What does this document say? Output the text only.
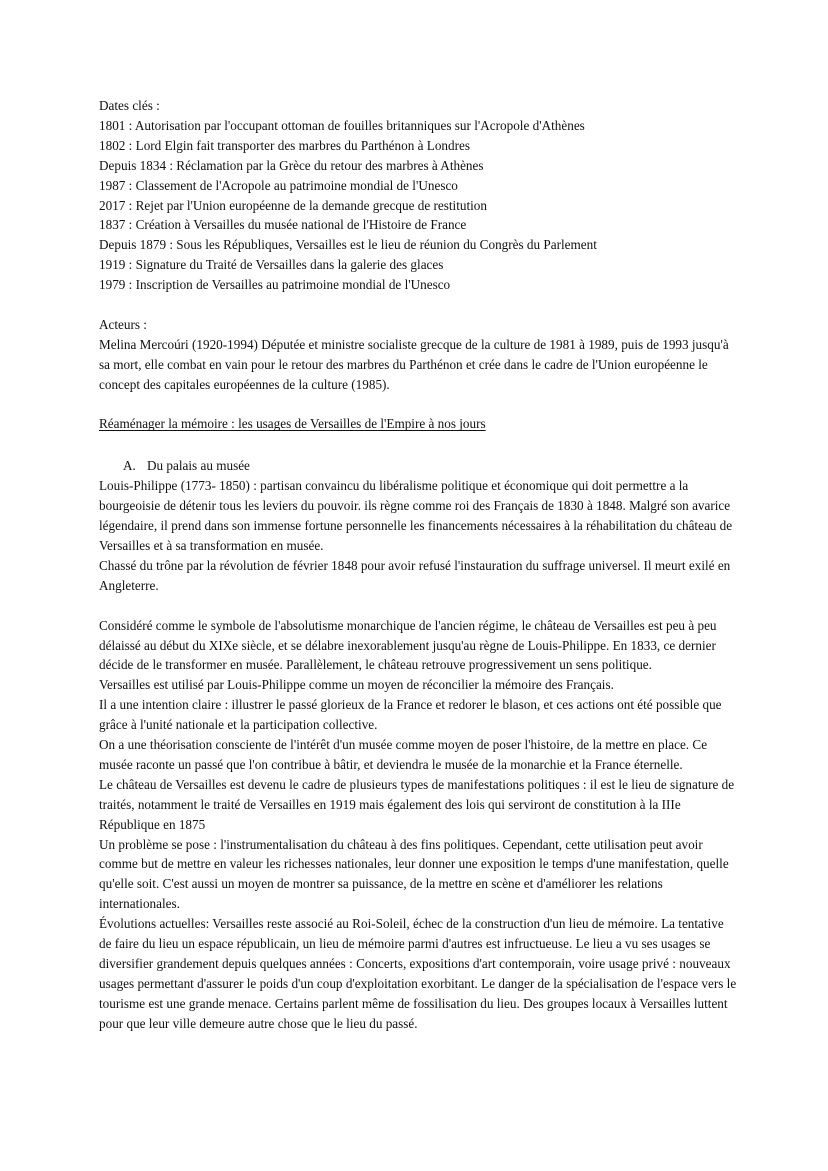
Dates clés :

1801 : Autorisation par l'occupant ottoman de fouilles britanniques sur l'Acropole d'Athènes

1802 : Lord Elgin fait transporter des marbres du Parthénon à Londres

Depuis 1834 : Réclamation par la Grèce du retour des marbres à Athènes

1987 : Classement de l'Acropole au patrimoine mondial de l'Unesco

2017 : Rejet par l'Union européenne de la demande grecque de restitution

1837 : Création à Versailles du musée national de l'Histoire de France

Depuis 1879 : Sous les Républiques, Versailles est le lieu de réunion du Congrès du Parlement

1919 : Signature du Traité de Versailles dans la galerie des glaces

1979 : Inscription de Versailles au patrimoine mondial de l'Unesco

Acteurs :

Melina Mercoúri (1920-1994) Députée et ministre socialiste grecque de la culture de 1981 à 1989, puis de 1993 jusqu'à sa mort, elle combat en vain pour le retour des marbres du Parthénon et crée dans le cadre de l'Union européenne le concept des capitales européennes de la culture (1985).

Réaménager la mémoire : les usages de Versailles de l'Empire à nos jours

A. Du palais au musée

Louis-Philippe (1773- 1850) : partisan convaincu du libéralisme politique et économique qui doit permettre a la bourgeoisie de détenir tous les leviers du pouvoir. ils règne comme roi des Français de 1830 à 1848. Malgré son avarice légendaire, il prend dans son immense fortune personnelle les financements nécessaires à la réhabilitation du château de Versailles et à sa transformation en musée.

Chassé du trône par la révolution de février 1848 pour avoir refusé l'instauration du suffrage universel. Il meurt exilé en Angleterre.

Considéré comme le symbole de l'absolutisme monarchique de l'ancien régime, le château de Versailles est peu à peu délaissé au début du XIXe siècle, et se délabre inexorablement jusqu'au règne de Louis-Philippe. En 1833, ce dernier décide de le transformer en musée. Parallèlement, le château retrouve progressivement un sens politique.

Versailles est utilisé par Louis-Philippe comme un moyen de réconcilier la mémoire des Français.

Il a une intention claire : illustrer le passé glorieux de la France et redorer le blason, et ces actions ont été possible que grâce à l'unité nationale et la participation collective.

On a une théorisation consciente de l'intérêt d'un musée comme moyen de poser l'histoire, de la mettre en place. Ce musée raconte un passé que l'on contribue à bâtir, et deviendra le musée de la monarchie et la France éternelle.

Le château de Versailles est devenu le cadre de plusieurs types de manifestations politiques : il est le lieu de signature de traités, notamment le traité de Versailles en 1919 mais également des lois qui serviront de constitution à la IIIe République en 1875

Un problème se pose : l'instrumentalisation du château à des fins politiques. Cependant, cette utilisation peut avoir comme but de mettre en valeur les richesses nationales, leur donner une exposition le temps d'une manifestation, quelle qu'elle soit. C'est aussi un moyen de montrer sa puissance, de la mettre en scène et d'améliorer les relations internationales.

Évolutions actuelles: Versailles reste associé au Roi-Soleil, échec de la construction d'un lieu de mémoire. La tentative de faire du lieu un espace républicain, un lieu de mémoire parmi d'autres est infructueuse. Le lieu a vu ses usages se diversifier grandement depuis quelques années : Concerts, expositions d'art contemporain, voire usage privé : nouveaux usages permettant d'assurer le poids d'un coup d'exploitation exorbitant. Le danger de la spécialisation de l'espace vers le tourisme est une grande menace. Certains parlent même de fossilisation du lieu. Des groupes locaux à Versailles luttent pour que leur ville demeure autre chose que le lieu du passé.
